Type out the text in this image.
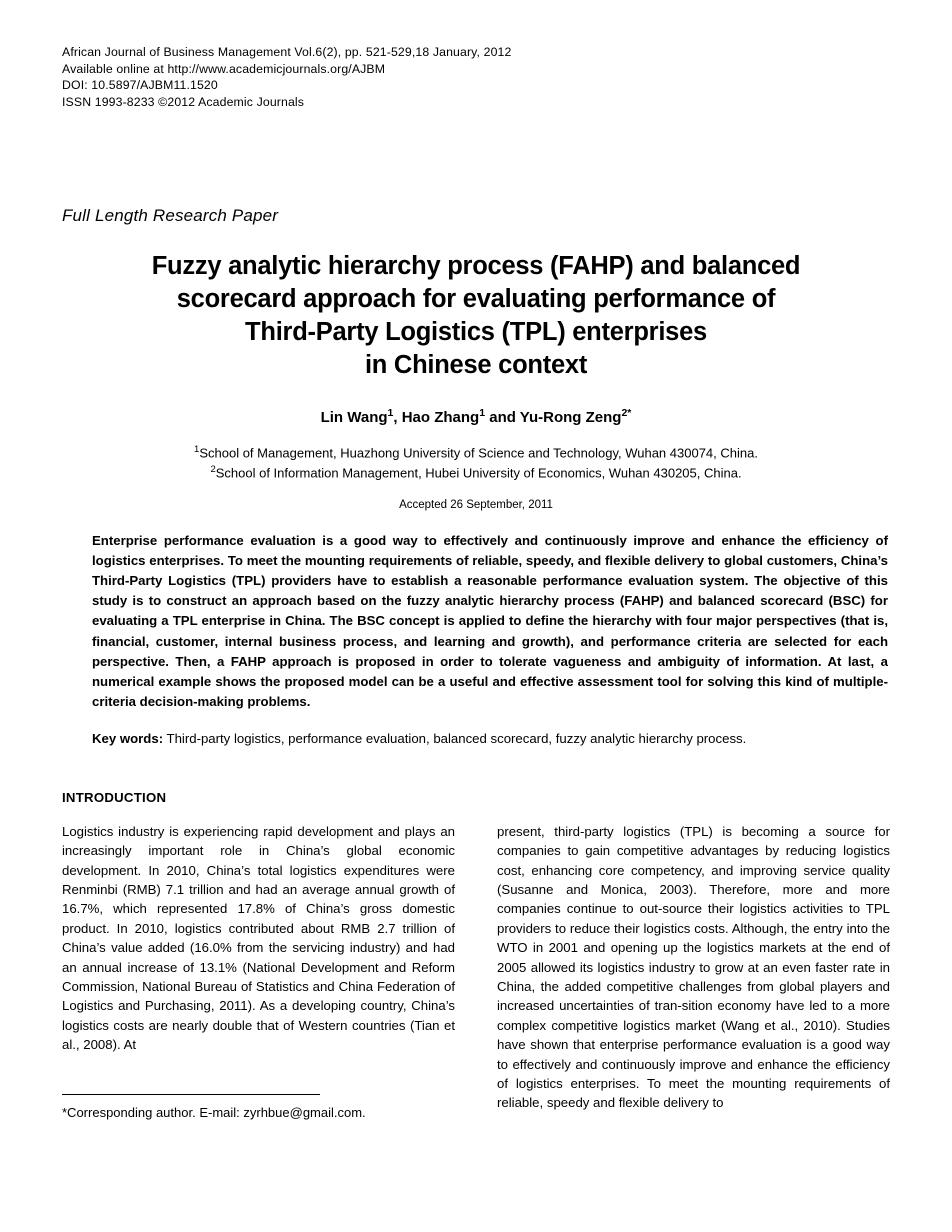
African Journal of Business Management Vol.6(2), pp. 521-529,18 January, 2012
Available online at http://www.academicjournals.org/AJBM
DOI: 10.5897/AJBM11.1520
ISSN 1993-8233 ©2012 Academic Journals
Full Length Research Paper
Fuzzy analytic hierarchy process (FAHP) and balanced
scorecard approach for evaluating performance of
Third-Party Logistics (TPL) enterprises
in Chinese context
Lin Wang$^1$, Hao Zhang$^1$ and Yu-Rong Zeng$^{2*}$
$^1$School of Management, Huazhong University of Science and Technology, Wuhan 430074, China.
$^2$School of Information Management, Hubei University of Economics, Wuhan 430205, China.
Accepted 26 September, 2011
Enterprise performance evaluation is a good way to effectively and continuously improve and enhance the efficiency of logistics enterprises. To meet the mounting requirements of reliable, speedy, and flexible delivery to global customers, China’s Third-Party Logistics (TPL) providers have to establish a reasonable performance evaluation system. The objective of this study is to construct an approach based on the fuzzy analytic hierarchy process (FAHP) and balanced scorecard (BSC) for evaluating a TPL enterprise in China. The BSC concept is applied to define the hierarchy with four major perspectives (that is, financial, customer, internal business process, and learning and growth), and performance criteria are selected for each perspective. Then, a FAHP approach is proposed in order to tolerate vagueness and ambiguity of information. At last, a numerical example shows the proposed model can be a useful and effective assessment tool for solving this kind of multiple-criteria decision-making problems.
Key words: Third-party logistics, performance evaluation, balanced scorecard, fuzzy analytic hierarchy process.
INTRODUCTION

Logistics industry is experiencing rapid development and plays an increasingly important role in China’s global economic development. In 2010, China’s total logistics expenditures were Renminbi (RMB) 7.1 trillion and had an average annual growth of 16.7%, which represented 17.8% of China’s gross domestic product. In 2010, logistics contributed about RMB 2.7 trillion of China’s value added (16.0% from the servicing industry) and had an annual increase of 13.1% (National Development and Reform Commission, National Bureau of Statistics and China Federation of Logistics and Purchasing, 2011). As a developing country, China’s logistics costs are nearly double that of Western countries (Tian et al., 2008). At

*Corresponding author. E-mail: zyrhbue@gmail.com.

present, third-party logistics (TPL) is becoming a source for companies to gain competitive advantages by reducing logistics cost, enhancing core competency, and improving service quality (Susanne and Monica, 2003). Therefore, more and more companies continue to out-source their logistics activities to TPL providers to reduce their logistics costs. Although, the entry into the WTO in 2001 and opening up the logistics markets at the end of 2005 allowed its logistics industry to grow at an even faster rate in China, the added competitive challenges from global players and increased uncertainties of tran-sition economy have led to a more complex competitive logistics market (Wang et al., 2010). Studies have shown that enterprise performance evaluation is a good way to effectively and continuously improve and enhance the efficiency of logistics enterprises. To meet the mounting requirements of reliable, speedy and flexible delivery to
